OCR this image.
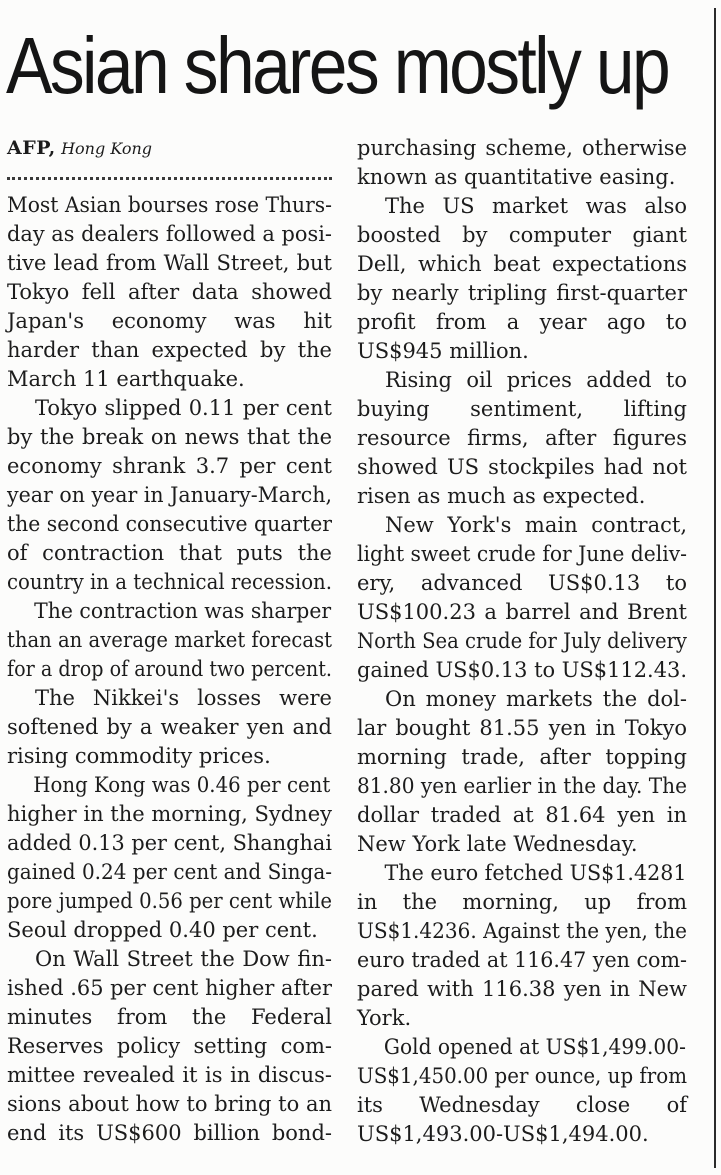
Asian shares mostly up
AFP, Hong Kong
Most Asian bourses rose Thurs-
day as dealers followed a posi-
tive lead from Wall Street, but
Tokyo fell after data showed
Japan's economy was hit
harder than expected by the
March 11 earthquake.
Tokyo slipped 0.11 per cent
by the break on news that the
economy shrank 3.7 per cent
year on year in January-March,
the second consecutive quarter
of contraction that puts the
country in a technical recession.
The contraction was sharper
than an average market forecast
for a drop of around two percent.
The Nikkei's losses were
softened by a weaker yen and
rising commodity prices.
Hong Kong was 0.46 per cent
higher in the morning, Sydney
added 0.13 per cent, Shanghai
gained 0.24 per cent and Singa-
pore jumped 0.56 per cent while
Seoul dropped 0.40 per cent.
On Wall Street the Dow fin-
ished .65 per cent higher after
minutes from the Federal
Reserves policy setting com-
mittee revealed it is in discus-
sions about how to bring to an
end its US$600 billion bond-
purchasing scheme, otherwise
known as quantitative easing.
The US market was also
boosted by computer giant
Dell, which beat expectations
by nearly tripling first-quarter
profit from a year ago to
US$945 million.
Rising oil prices added to
buying sentiment, lifting
resource firms, after figures
showed US stockpiles had not
risen as much as expected.
New York's main contract,
light sweet crude for June deliv-
ery, advanced US$0.13 to
US$100.23 a barrel and Brent
North Sea crude for July delivery
gained US$0.13 to US$112.43.
On money markets the dol-
lar bought 81.55 yen in Tokyo
morning trade, after topping
81.80 yen earlier in the day. The
dollar traded at 81.64 yen in
New York late Wednesday.
The euro fetched US$1.4281
in the morning, up from
US$1.4236. Against the yen, the
euro traded at 116.47 yen com-
pared with 116.38 yen in New
York.
Gold opened at US$1,499.00-
US$1,450.00 per ounce, up from
its Wednesday close of
US$1,493.00-US$1,494.00.
